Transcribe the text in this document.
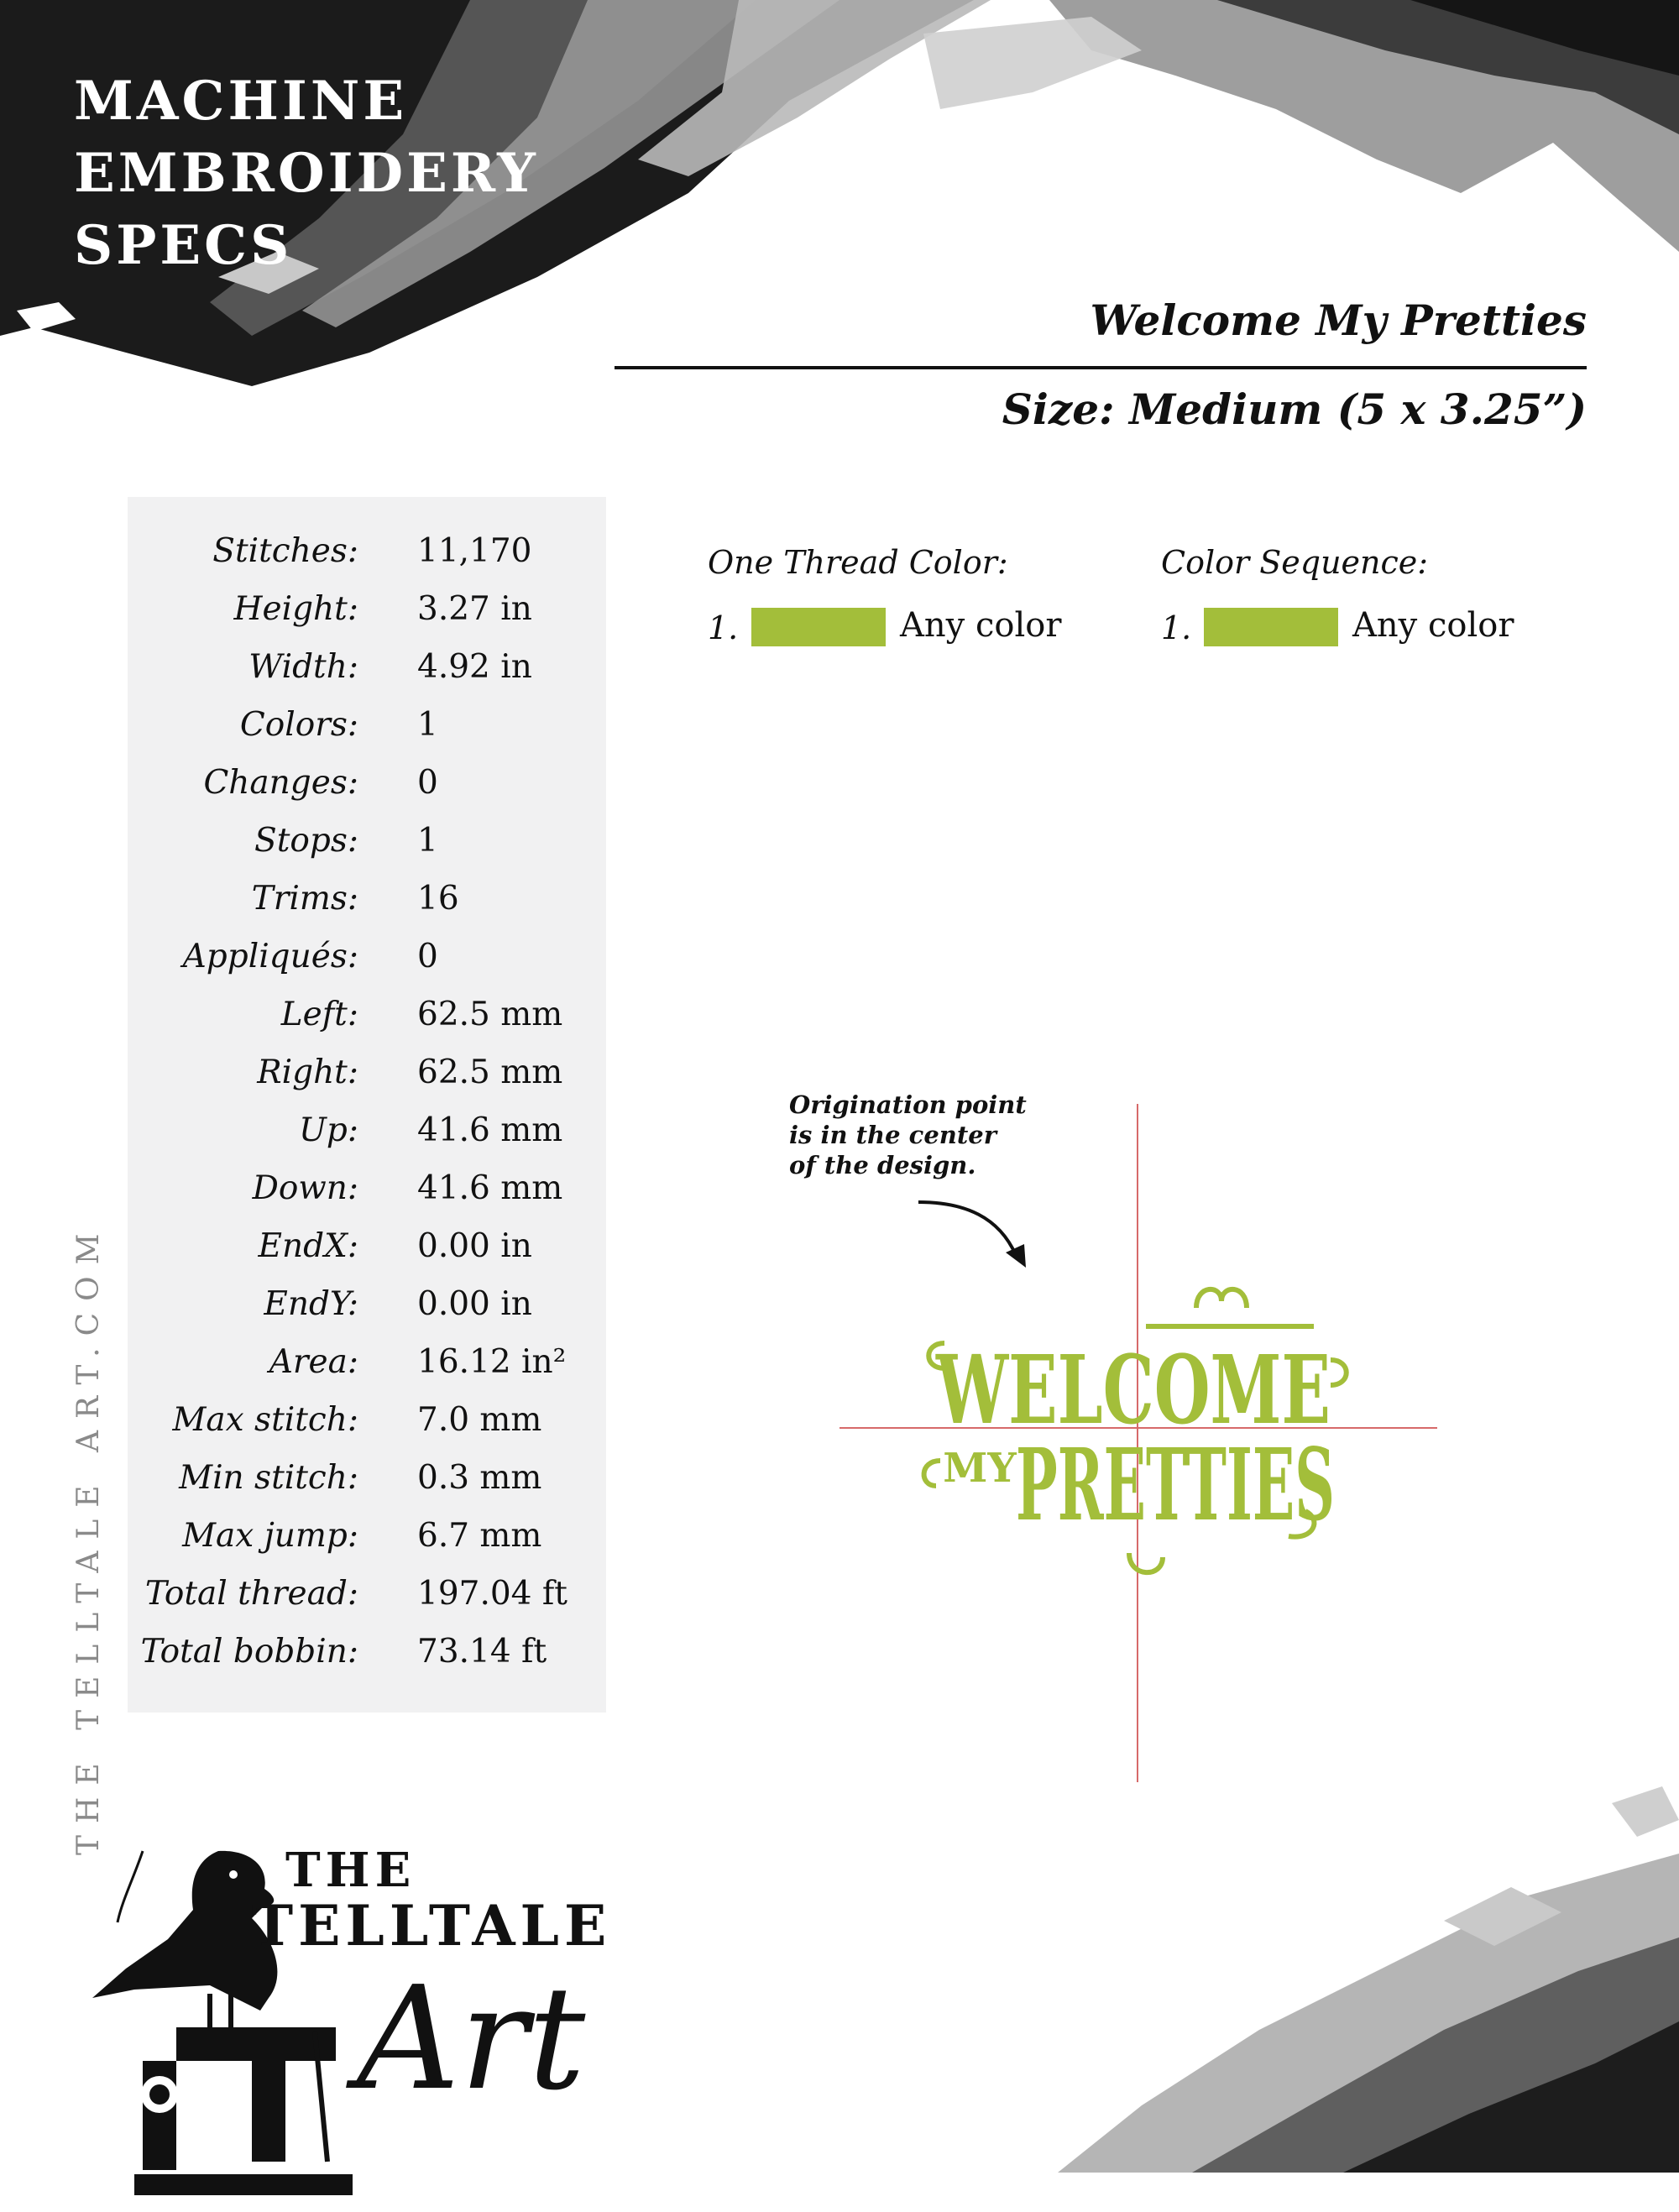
MACHINE
EMBROIDERY
SPECS
Welcome My Pretties
Size: Medium (5 x 3.25”)
Stitches: 11,170
Height: 3.27 in
Width: 4.92 in
Colors: 1
Changes: 0
Stops: 1
Trims: 16
Appliqués: 0
Left: 62.5 mm
Right: 62.5 mm
Up: 41.6 mm
Down: 41.6 mm
EndX: 0.00 in
EndY: 0.00 in
Area: 16.12 in²
Max stitch: 7.0 mm
Min stitch: 0.3 mm
Max jump: 6.7 mm
Total thread: 197.04 ft
Total bobbin: 73.14 ft
One Thread Color:
1.	Any color
Color Sequence:
1.	Any color
Origination point
is in the center
of the design.
WELCOME
MY PRETTIES
THE TELLTALE ART.COM
THE
TELLTALE
Art
